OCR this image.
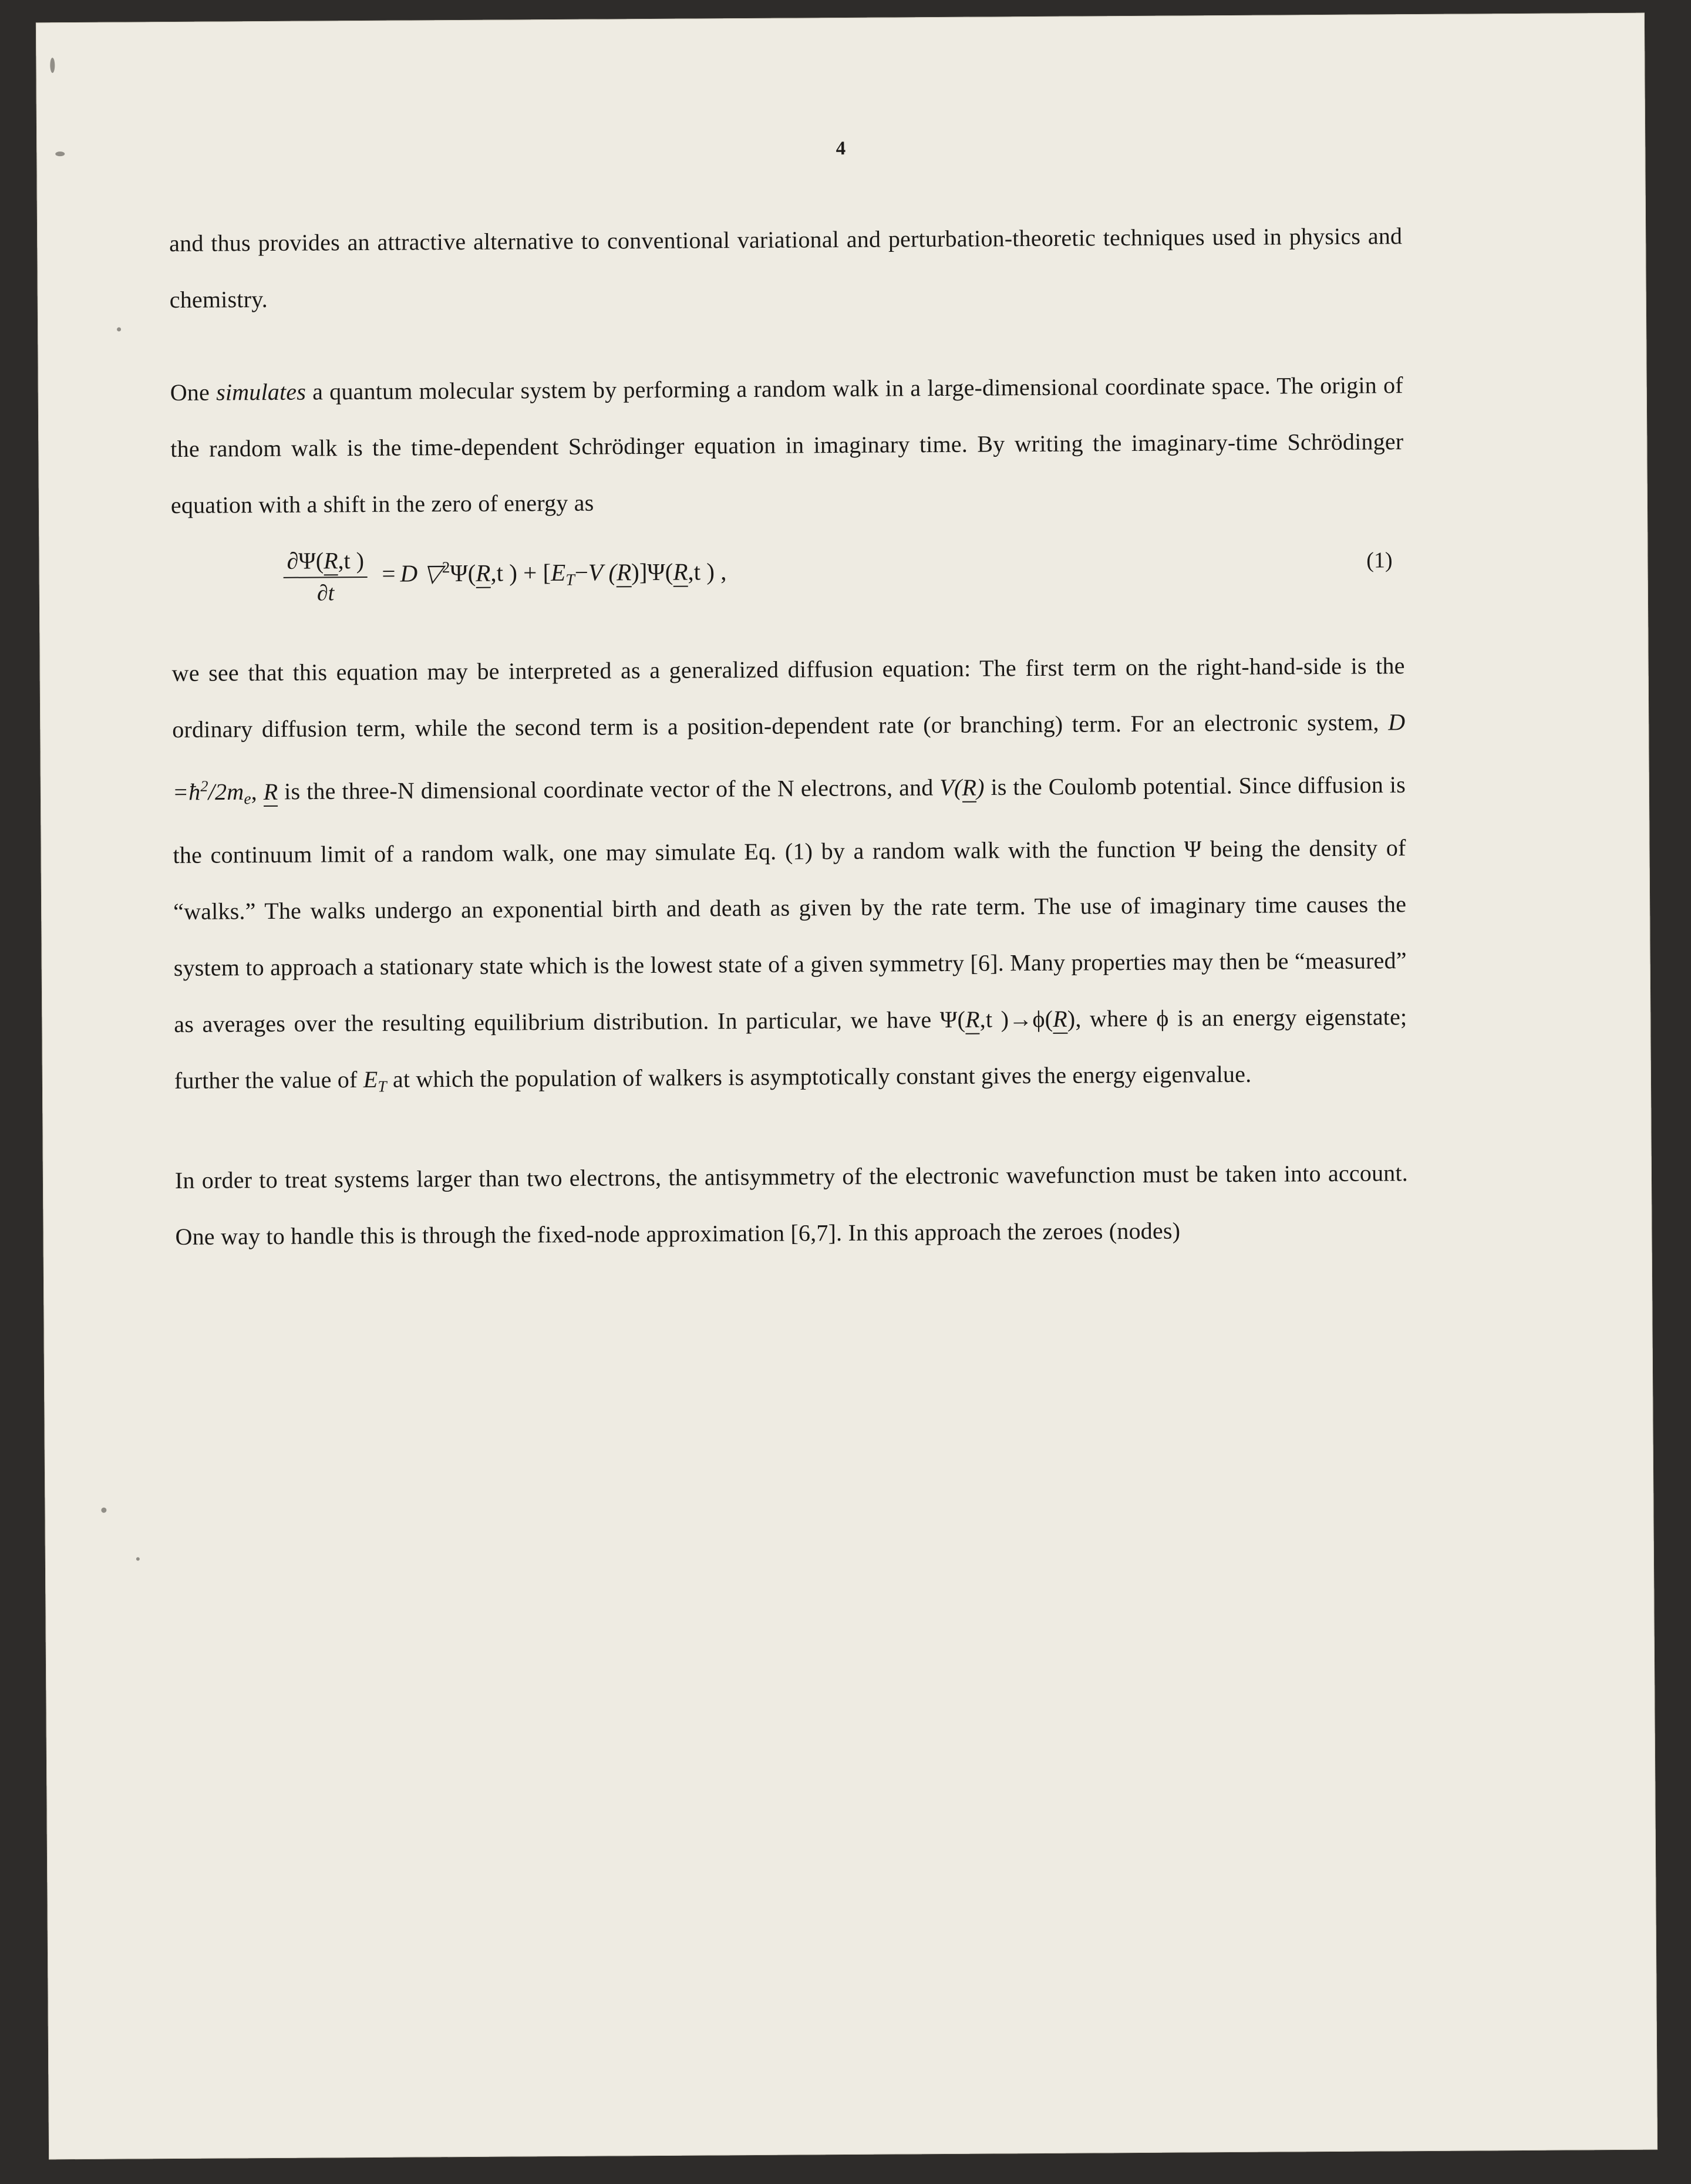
4

and thus provides an attractive alternative to conventional variational and perturbation-theoretic techniques used in physics and chemistry.

One simulates a quantum molecular system by performing a random walk in a large-dimensional coordinate space. The origin of the random walk is the time-dependent Schrödinger equation in imaginary time. By writing the imaginary-time Schrödinger equation with a shift in the zero of energy as

$\frac{\partial\Psi(R,t )}{\partial t} = D$ ▽$^2$Ψ(R,t ) + [$E_T-V$ (R)]Ψ(R,t ) ,	(1)

we see that this equation may be interpreted as a generalized diffusion equation: The first term on the right-hand-side is the ordinary diffusion term, while the second term is a position-dependent rate (or branching) term. For an electronic system, $D =ħ^2/2m_e$, R is the three-N dimensional coordinate vector of the N electrons, and V(R) is the Coulomb potential. Since diffusion is the continuum limit of a random walk, one may simulate Eq. (1) by a random walk with the function Ψ being the density of “walks.” The walks undergo an exponential birth and death as given by the rate term. The use of imaginary time causes the system to approach a stationary state which is the lowest state of a given symmetry [6]. Many properties may then be “measured” as averages over the resulting equilibrium distribution. In particular, we have Ψ(R,t )→ϕ(R), where ϕ is an energy eigenstate; further the value of $E_T$ at which the population of walkers is asymptotically constant gives the energy eigenvalue.

In order to treat systems larger than two electrons, the antisymmetry of the electronic wavefunction must be taken into account. One way to handle this is through the fixed-node approximation [6,7]. In this approach the zeroes (nodes)
